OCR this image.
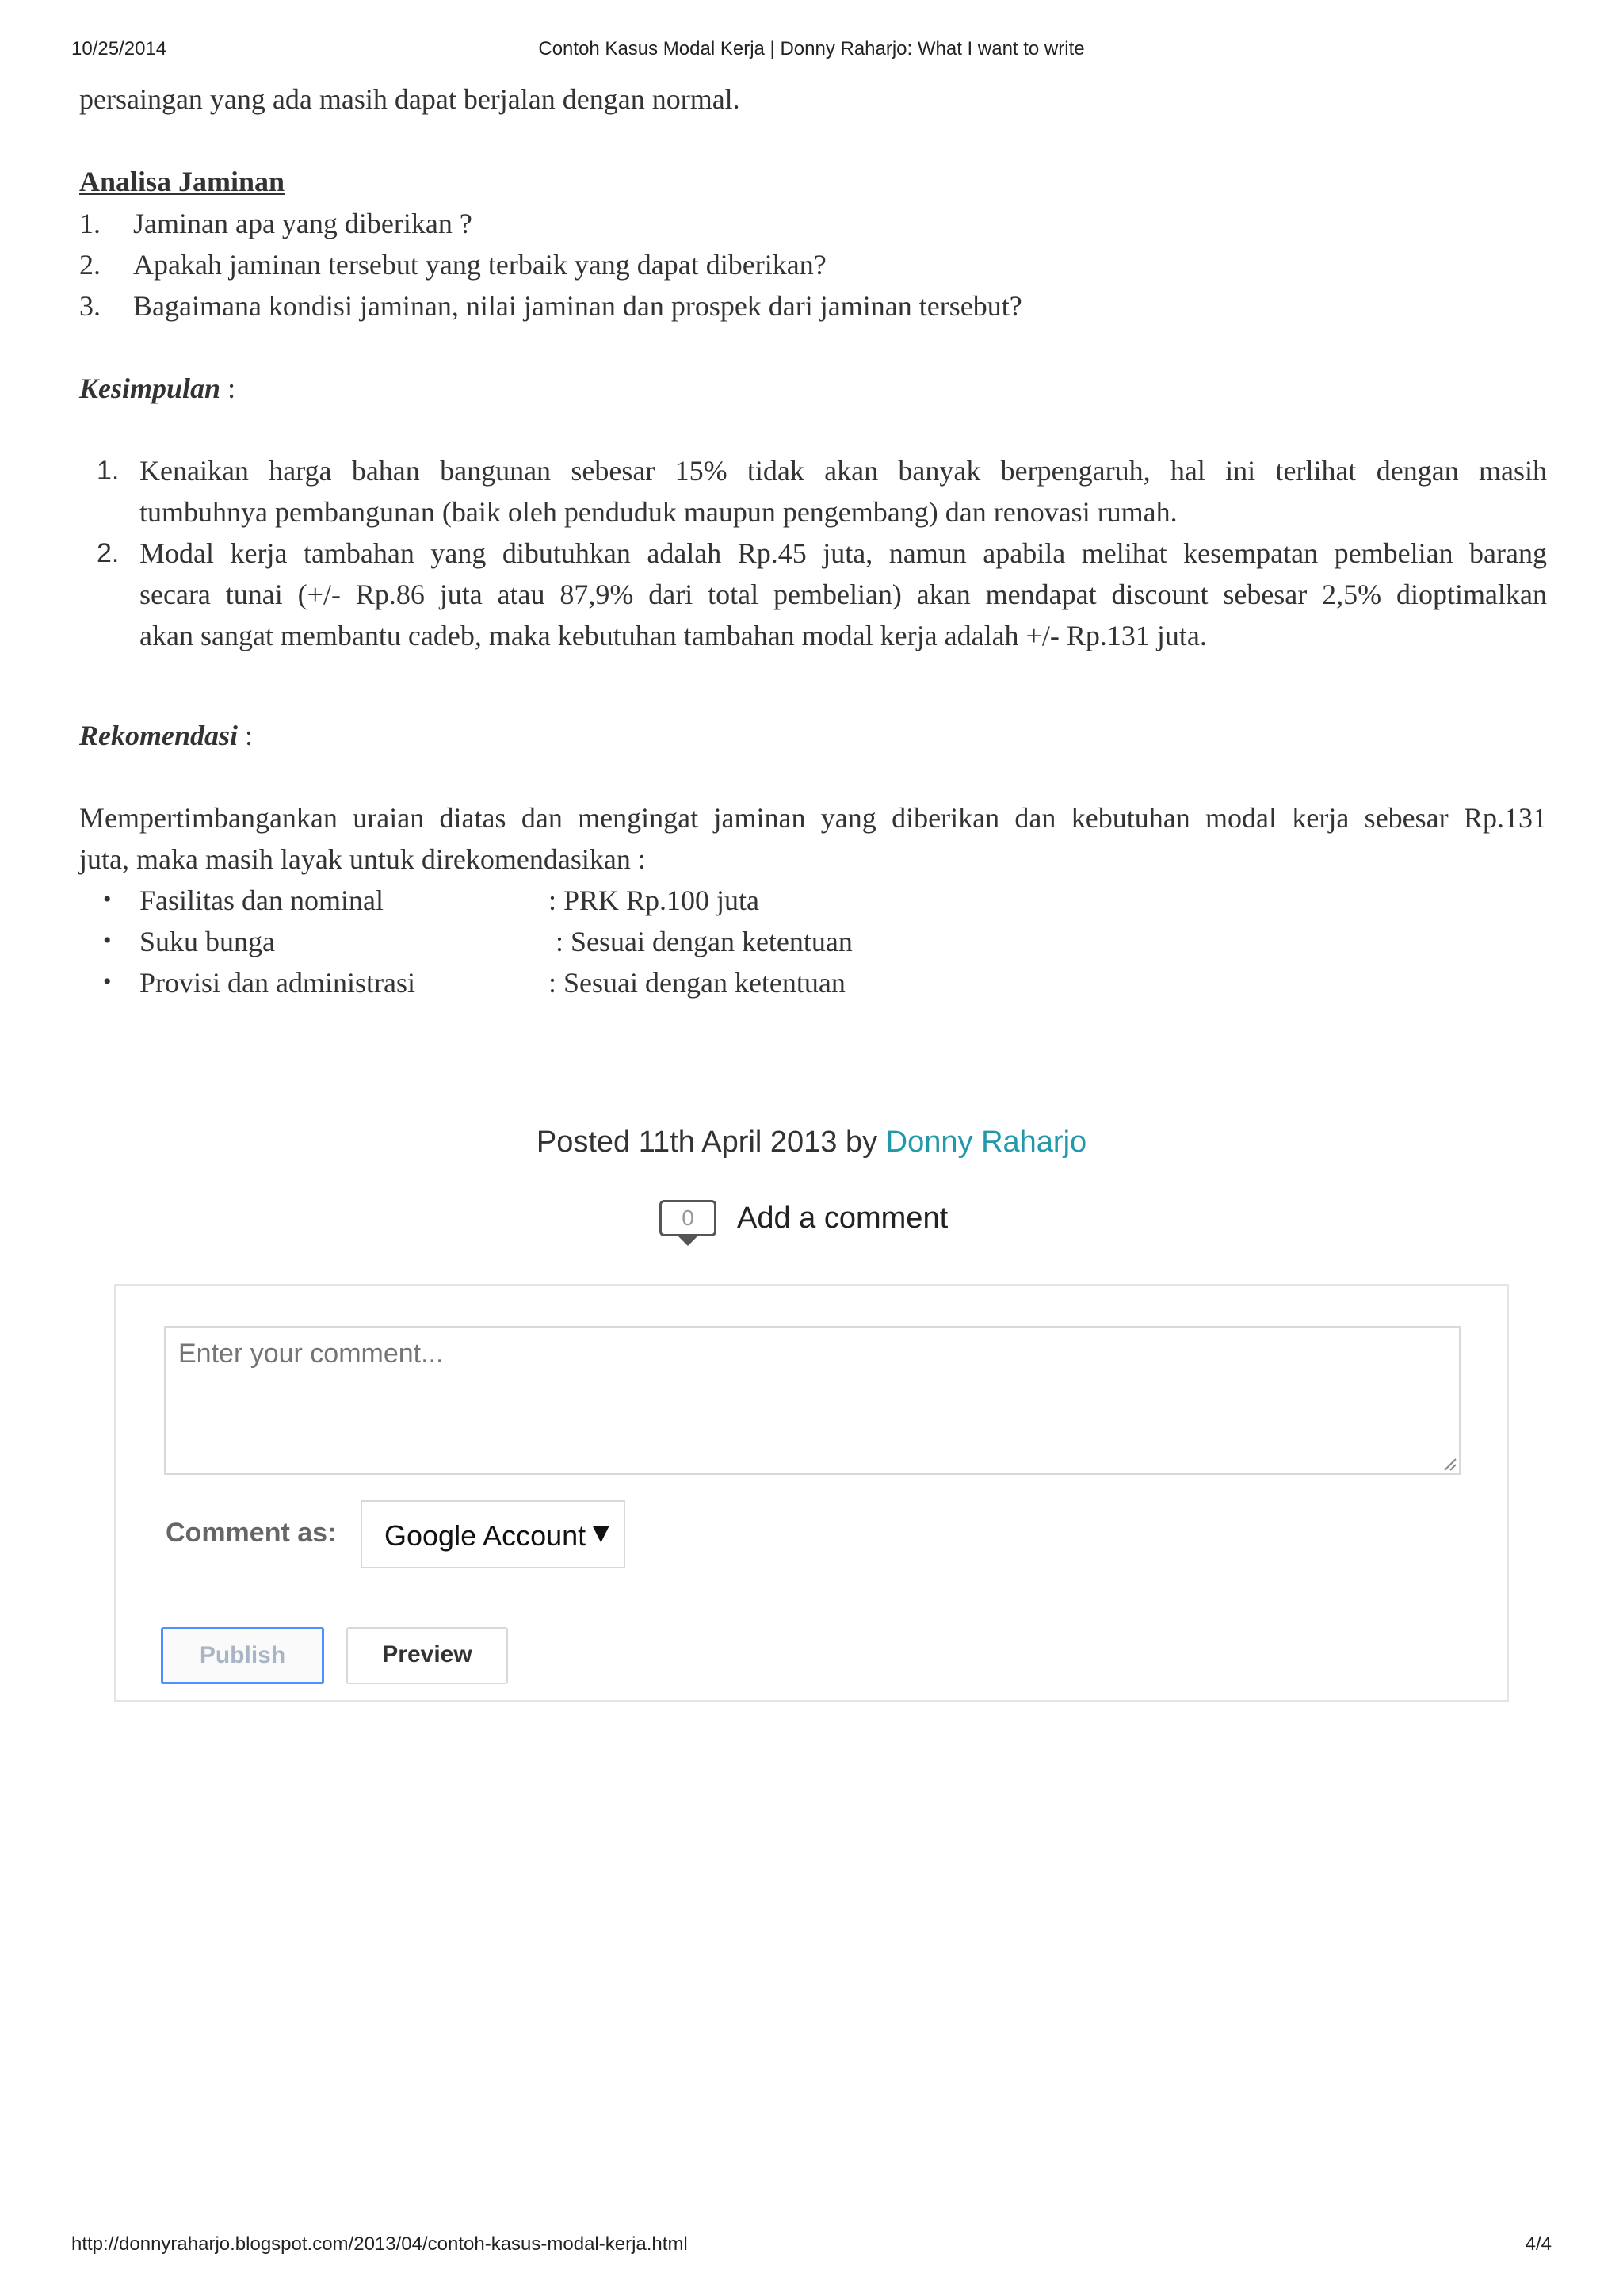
10/25/2014	Contoh Kasus Modal Kerja | Donny Raharjo: What I want to write
persaingan yang ada masih dapat berjalan dengan normal.
Analisa Jaminan
1. Jaminan apa yang diberikan ?
2. Apakah jaminan tersebut yang terbaik yang dapat diberikan?
3. Bagaimana kondisi jaminan, nilai jaminan dan prospek dari jaminan tersebut?
Kesimpulan :
1. Kenaikan harga bahan bangunan sebesar 15% tidak akan banyak berpengaruh, hal ini terlihat dengan masih
tumbuhnya pembangunan (baik oleh penduduk maupun pengembang) dan renovasi rumah.
2. Modal kerja tambahan yang dibutuhkan adalah Rp.45 juta, namun apabila melihat kesempatan pembelian barang
secara tunai (+/- Rp.86 juta atau 87,9% dari total pembelian) akan mendapat discount sebesar 2,5% dioptimalkan
akan sangat membantu cadeb, maka kebutuhan tambahan modal kerja adalah +/- Rp.131 juta.
Rekomendasi :
Mempertimbangankan uraian diatas dan mengingat jaminan yang diberikan dan kebutuhan modal kerja sebesar Rp.131
juta, maka masih layak untuk direkomendasikan :
• Fasilitas dan nominal	: PRK Rp.100 juta
• Suku bunga	: Sesuai dengan ketentuan
• Provisi dan administrasi	: Sesuai dengan ketentuan
Posted 11th April 2013 by Donny Raharjo
0	Add a comment
Enter your comment...
Comment as: Google Account ▼
Publish	Preview
http://donnyraharjo.blogspot.com/2013/04/contoh-kasus-modal-kerja.html	4/4
